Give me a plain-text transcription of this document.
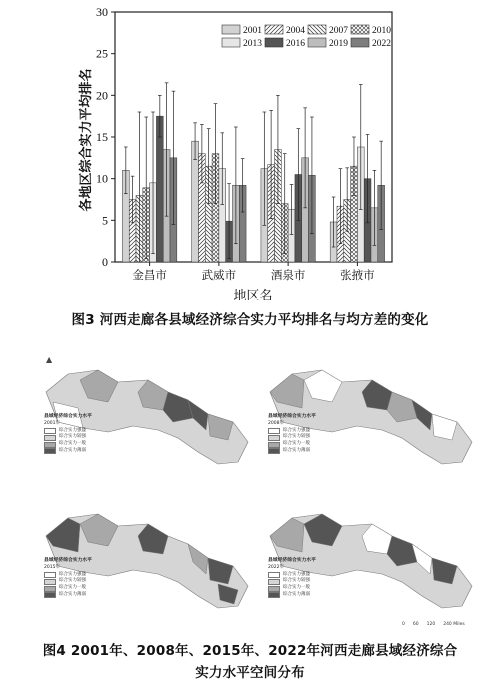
0
5
10
15
20
25
30
金昌市	武威市	酒泉市	张掖市
2001	2004	2007	2010
2013	2016	2019	2022
各地区综合实力平均排名
地区名
图3 河西走廊各县域经济综合实力平均排名与均方差的变化
▲
县域经济综合实力水平
2001年
综合实力强盛
综合实力较强
综合实力一般
综合实力薄弱
县域经济综合实力水平
2008年
综合实力强盛
综合实力较强
综合实力一般
综合实力薄弱
县域经济综合实力水平
2015年
综合实力强盛
综合实力较强
综合实力一般
综合实力薄弱
县域经济综合实力水平
2022年
综合实力强盛
综合实力较强
综合实力一般
综合实力薄弱
0 60 120 240 Miles
图4 2001年、2008年、2015年、2022年河西走廊县域经济综合
实力水平空间分布
